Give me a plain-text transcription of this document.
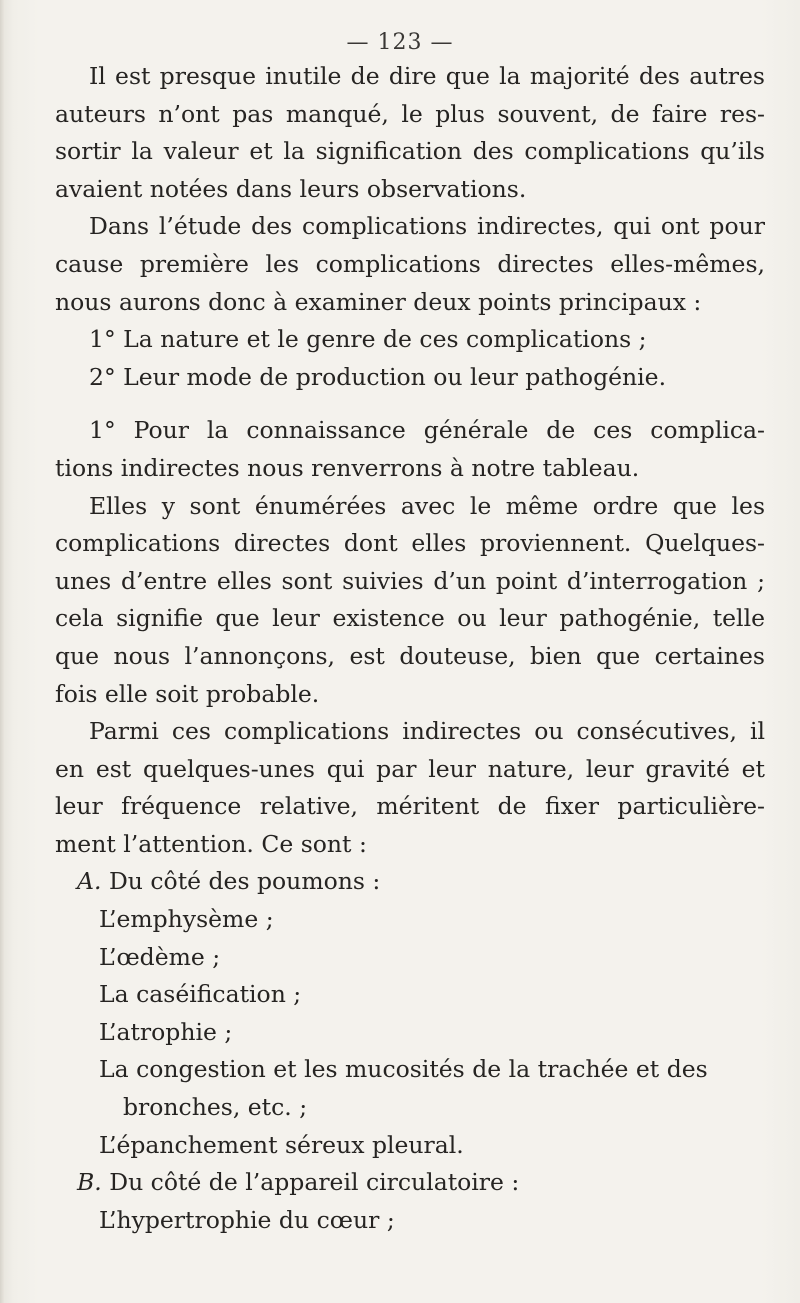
— 123 —
Il est presque inutile de dire que la majorité des autres
auteurs n’ont pas manqué, le plus souvent, de faire res-
sortir la valeur et la signification des complications qu’ils
avaient notées dans leurs observations.
Dans l’étude des complications indirectes, qui ont pour
cause première les complications directes elles-mêmes,
nous aurons donc à examiner deux points principaux :
1° La nature et le genre de ces complications ;
2° Leur mode de production ou leur pathogénie.
1° Pour la connaissance générale de ces complica-
tions indirectes nous renverrons à notre tableau.
Elles y sont énumérées avec le même ordre que les
complications directes dont elles proviennent. Quelques-
unes d’entre elles sont suivies d’un point d’interrogation ;
cela signifie que leur existence ou leur pathogénie, telle
que nous l’annonçons, est douteuse, bien que certaines
fois elle soit probable.
Parmi ces complications indirectes ou consécutives, il
en est quelques-unes qui par leur nature, leur gravité et
leur fréquence relative, méritent de fixer particulière-
ment l’attention. Ce sont :
A. Du côté des poumons :
L’emphysème ;
L’œdème ;
La caséification ;
L’atrophie ;
La congestion et les mucosités de la trachée et des
bronches, etc. ;
L’épanchement séreux pleural.
B. Du côté de l’appareil circulatoire :
L’hypertrophie du cœur ;
